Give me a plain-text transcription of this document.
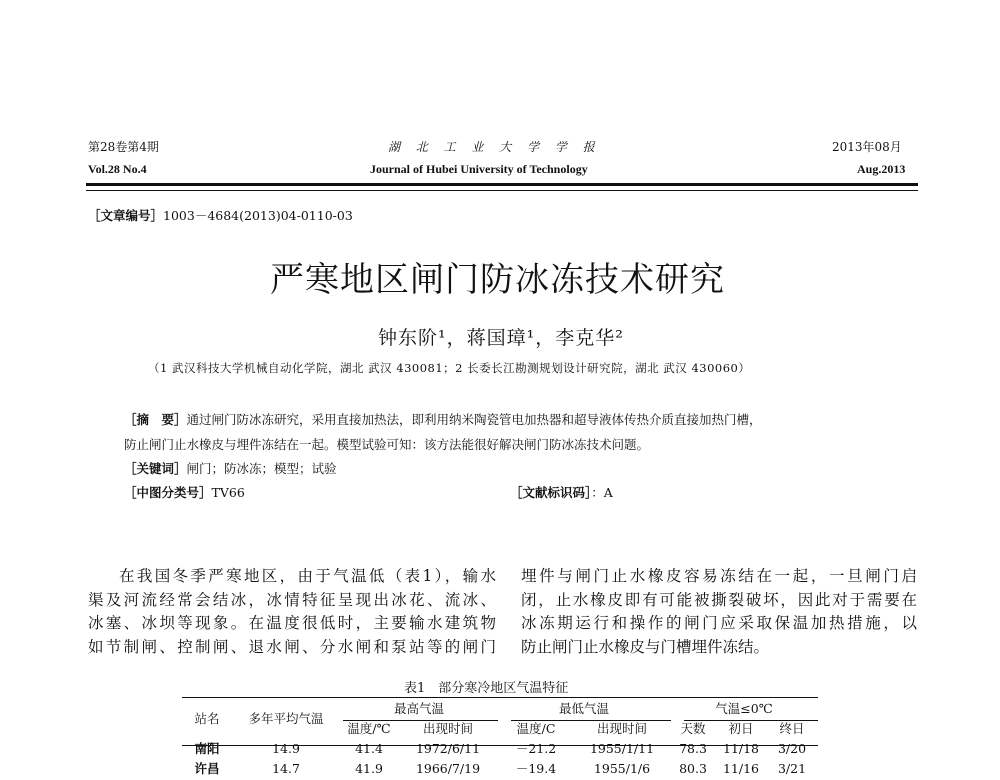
第28卷第4期
Vol.28 No.4
湖 北 工 业 大 学 学 报
Journal of Hubei University of Technology
2013年08月
Aug.2013
［文章编号］1003－4684(2013)04-0110-03
严寒地区闸门防冰冻技术研究
钟东阶¹，蒋国璋¹，李克华²
（1 武汉科技大学机械自动化学院，湖北 武汉 430081；2 长委长江勘测规划设计研究院，湖北 武汉 430060）
［摘　要］通过闸门防冰冻研究，采用直接加热法，即利用纳米陶瓷管电加热器和超导液体传热介质直接加热门槽，
防止闸门止水橡皮与埋件冻结在一起。模型试验可知：该方法能很好解决闸门防冰冻技术问题。
［关键词］闸门；防冰冻；模型；试验
［中图分类号］TV66	［文献标识码］：A

在我国冬季严寒地区，由于气温低（表1），输水

渠及河流经常会结冰，冰情特征呈现出冰花、流冰、

冰塞、冰坝等现象。在温度很低时，主要输水建筑物

如节制闸、控制闸、退水闸、分水闸和泵站等的闸门

埋件与闸门止水橡皮容易冻结在一起，一旦闸门启

闭，止水橡皮即有可能被撕裂破坏，因此对于需要在

冰冻期运行和操作的闸门应采取保温加热措施，以

防止闸门止水橡皮与门槽埋件冻结。

表1　部分寒冷地区气温特征
站名	多年平均气温	最高气温		最低气温		气温≤0℃		
		温度/℃	出现时间	温度/C	出现时间	天数	初日	终日
南阳	14.9	41.4	1972/6/11	－21.2	1955/1/11	78.3	11/18	3/20
许昌	14.7	41.9	1966/7/19	－19.4	1955/1/6	80.3	11/16	3/21
